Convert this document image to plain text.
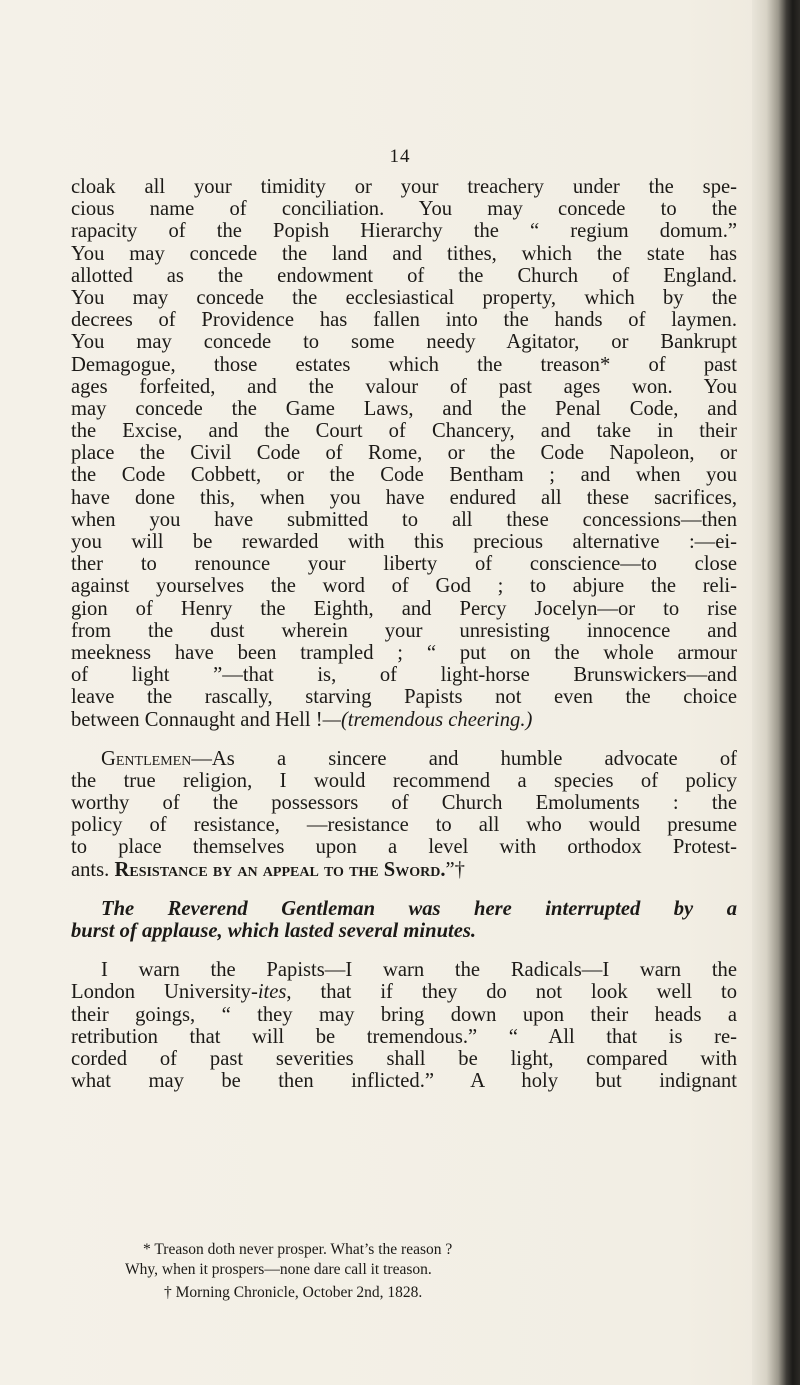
14
cloak all your timidity or your treachery under the spe-
cious name of conciliation. You may concede to the
rapacity of the Popish Hierarchy the “ regium domum.”
You may concede the land and tithes, which the state has
allotted as the endowment of the Church of England.
You may concede the ecclesiastical property, which by the
decrees of Providence has fallen into the hands of laymen.
You may concede to some needy Agitator, or Bankrupt
Demagogue, those estates which the treason* of past
ages forfeited, and the valour of past ages won. You
may concede the Game Laws, and the Penal Code, and
the Excise, and the Court of Chancery, and take in their
place the Civil Code of Rome, or the Code Napoleon, or
the Code Cobbett, or the Code Bentham ; and when you
have done this, when you have endured all these sacrifices,
when you have submitted to all these concessions—then
you will be rewarded with this precious alternative :—ei-
ther to renounce your liberty of conscience—to close
against yourselves the word of God ; to abjure the reli-
gion of Henry the Eighth, and Percy Jocelyn—or to rise
from the dust wherein your unresisting innocence and
meekness have been trampled ; “ put on the whole armour
of light ”—that is, of light-horse Brunswickers—and
leave the rascally, starving Papists not even the choice
between Connaught and Hell !—(tremendous cheering.)
Gentlemen—As a sincere and humble advocate of
the true religion, I would recommend a species of policy
worthy of the possessors of Church Emoluments : the
policy of resistance, —resistance to all who would presume
to place themselves upon a level with orthodox Protest-
ants. Resistance by an appeal to the Sword.”†
The Reverend Gentleman was here interrupted by a
burst of applause, which lasted several minutes.
I warn the Papists—I warn the Radicals—I warn the
London University-ites, that if they do not look well to
their goings, “ they may bring down upon their heads a
retribution that will be tremendous.” “ All that is re-
corded of past severities shall be light, compared with
what may be then inflicted.” A holy but indignant
* Treason doth never prosper. What’s the reason ?
Why, when it prospers—none dare call it treason.
† Morning Chronicle, October 2nd, 1828.
